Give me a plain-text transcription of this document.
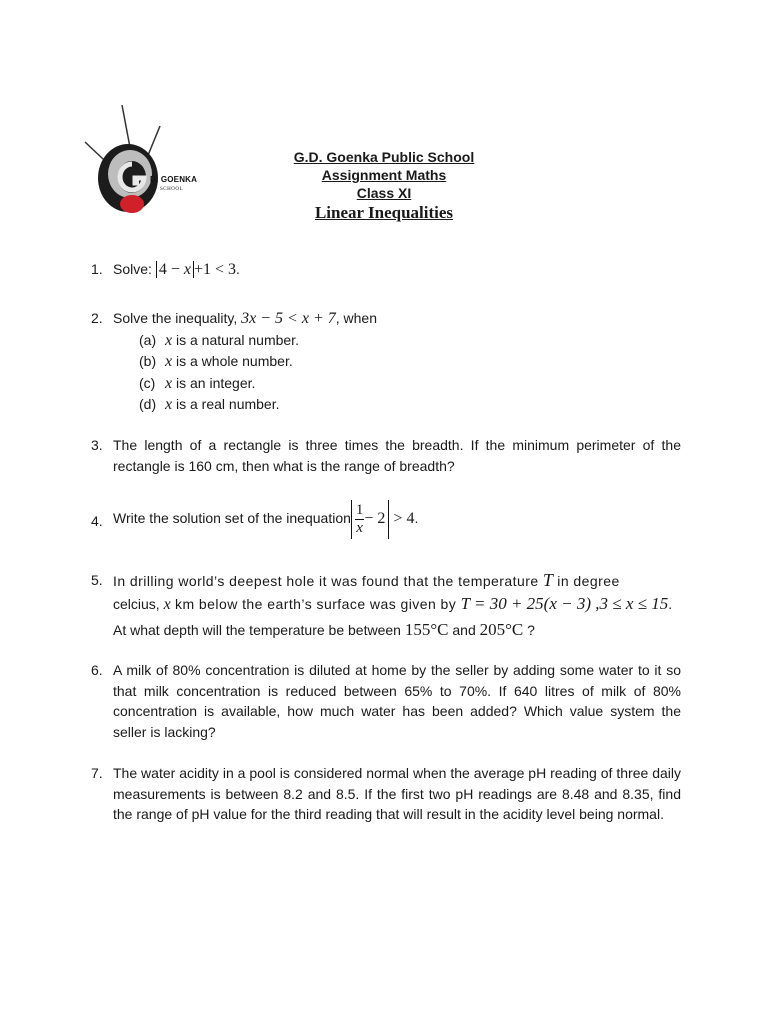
D. GOENKA
SCHOOL
G.D. Goenka Public School
Assignment Maths
Class XI
Linear Inequalities
1. Solve: 4 − x +1 < 3.
2. Solve the inequality, 3x − 5 < x + 7, when
(a) x is a natural number.
(b) x is a whole number.
(c) x is an integer.
(d) x is a real number.
3. The length of a rectangle is three times the breadth. If the minimum perimeter of the rectangle is 160 cm, then what is the range of breadth?
4. Write the solution set of the inequation $\frac{1}{x} - 2 > 4$.
5. In drilling world’s deepest hole it was found that the temperature T in degree
celcius, x km below the earth’s surface was given by T = 30 + 25(x − 3) ,3 ≤ x ≤ 15.
At what depth will the temperature be between 155°C and 205°C ?
6. A milk of 80% concentration is diluted at home by the seller by adding some water to it so that milk concentration is reduced between 65% to 70%. If 640 litres of milk of 80% concentration is available, how much water has been added? Which value system the seller is lacking?
7. The water acidity in a pool is considered normal when the average pH reading of three daily measurements is between 8.2 and 8.5. If the first two pH readings are 8.48 and 8.35, find the range of pH value for the third reading that will result in the acidity level being normal.
